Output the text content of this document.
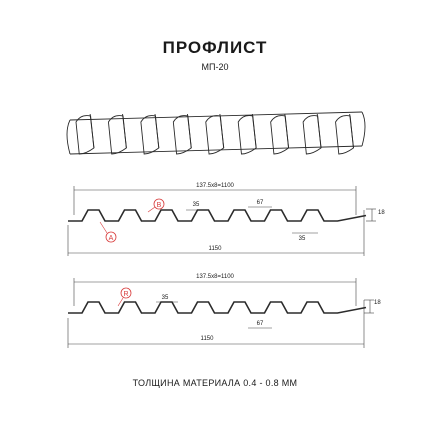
ПРОФЛИСТ
МП-20
137.5х8=1100
35	67
35
18
1150
A
B
137.5х8=1100
35
67
18
1150
R
ТОЛЩИНА МАТЕРИАЛА 0.4 - 0.8 ММ
